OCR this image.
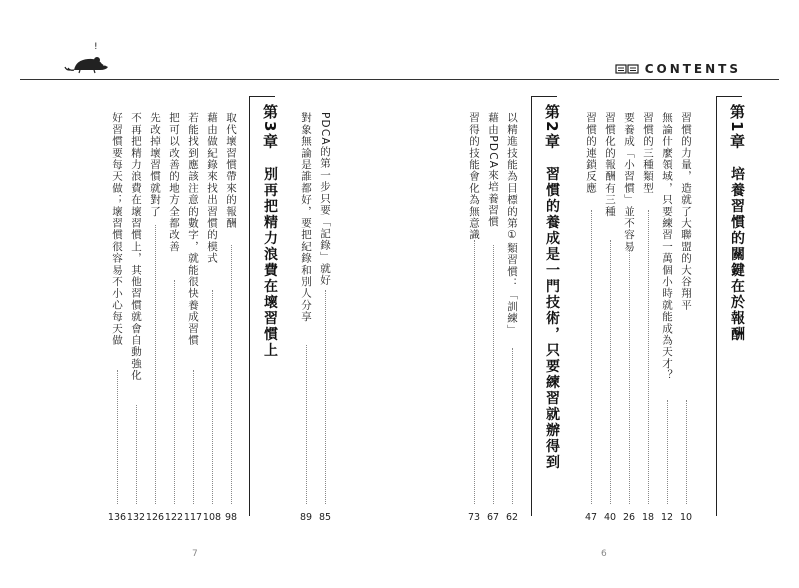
!
CONTENTS
第1章　培養習慣的關鍵在於報酬
習慣的力量，造就了大聯盟的大谷翔平
無論什麼領域，只要練習一萬個小時就能成為天才？
習慣的三種類型
要養成「小習慣」並不容易
習慣化的報酬有三種
習慣的連鎖反應
10
12
18
26
40
47
第2章　習慣的養成是一門技術，只要練習就辦得到
以精進技能為目標的第①類習慣：「訓練」
藉由PDCA來培養習慣
習得的技能會化為無意識
62
67
73
6
PDCA的第一步只要「記錄」就好
對象無論是誰都好，要把紀錄和別人分享
85
89
第3章　別再把精力浪費在壞習慣上
取代壞習慣帶來的報酬
藉由做紀錄來找出習慣的模式
若能找到應該注意的數字，就能很快養成習慣
把可以改善的地方全都改善
先改掉壞習慣就對了
不再把精力浪費在壞習慣上，其他習慣就會自動強化
好習慣要每天做；壞習慣很容易不小心每天做
98
108
117
122
126
132
136
7
